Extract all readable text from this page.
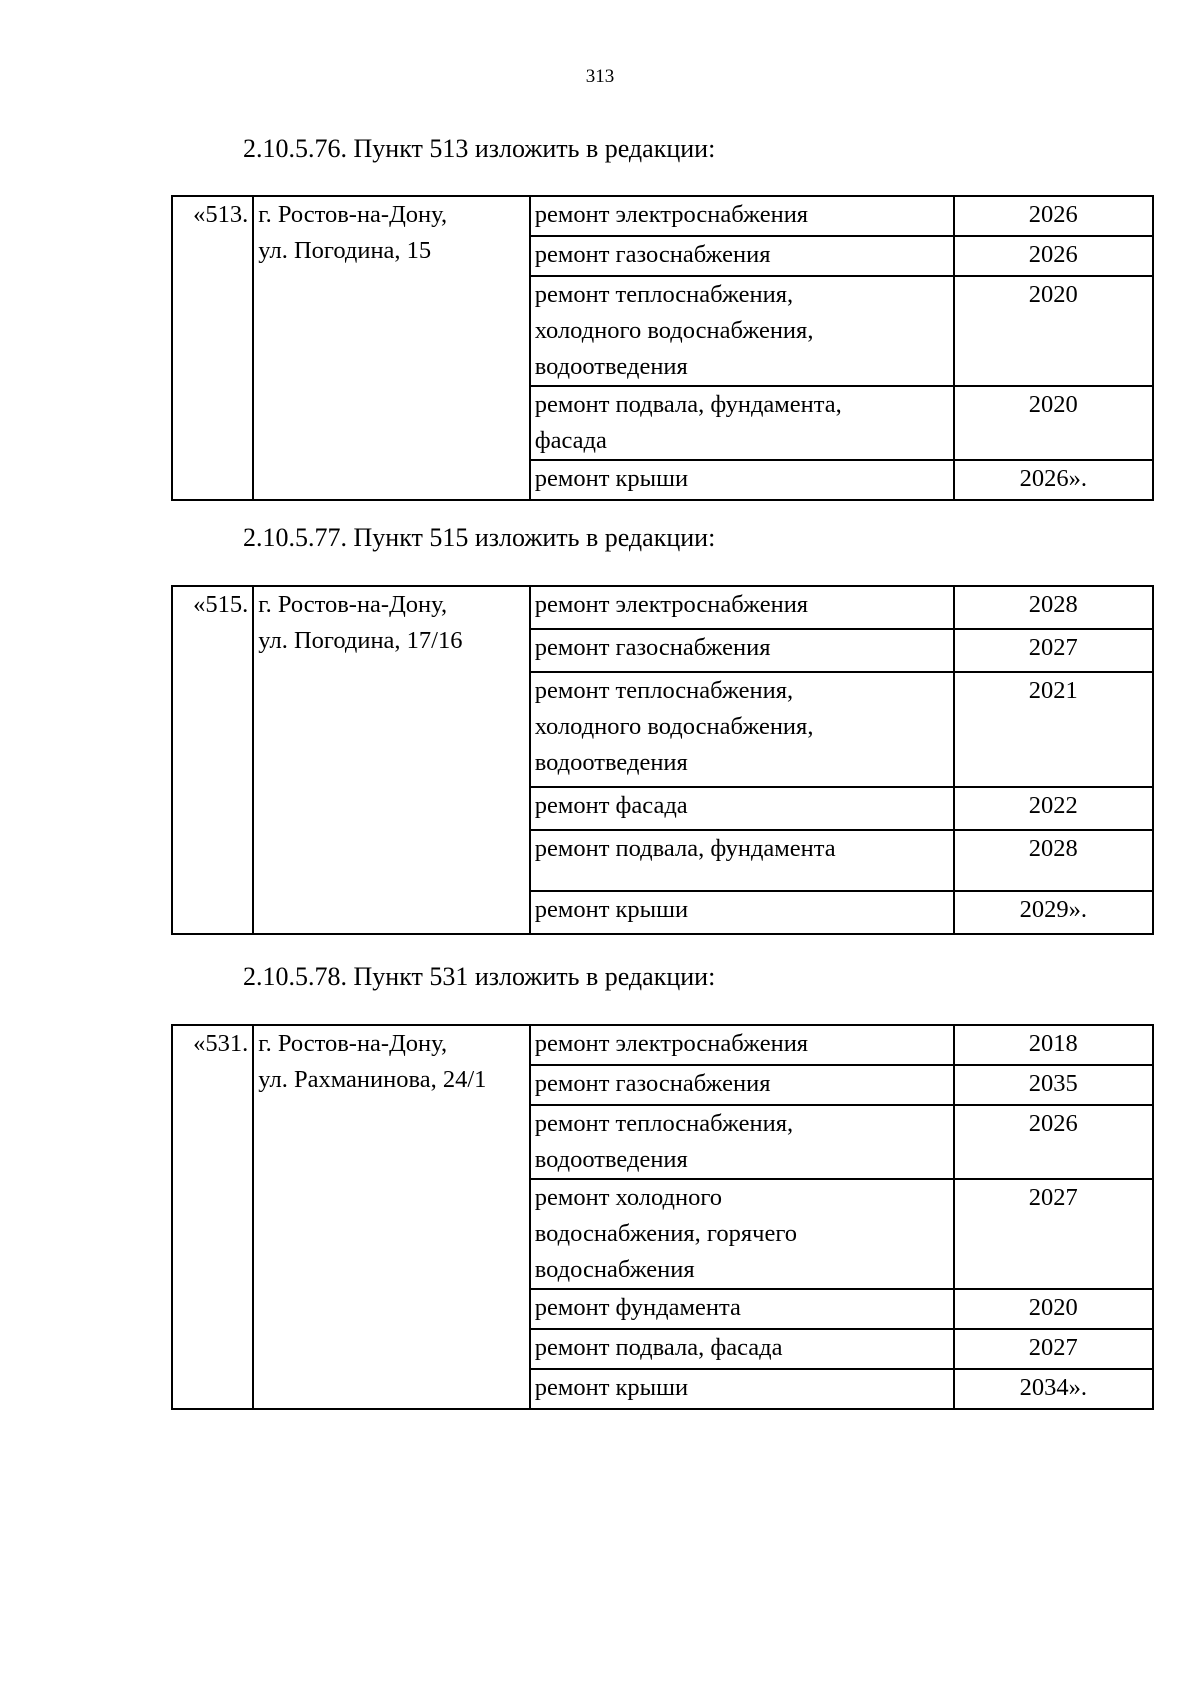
313
2.10.5.76. Пункт 513 изложить в редакции:
«513.	г. Ростов-на-Дону,
ул. Погодина, 15	ремонт электроснабжения	2026
		ремонт газоснабжения	2026
		ремонт теплоснабжения,
холодного водоснабжения,
водоотведения	2020
		ремонт подвала, фундамента,
фасада	2020
		ремонт крыши	2026».
2.10.5.77. Пункт 515 изложить в редакции:
«515.	г. Ростов-на-Дону,
ул. Погодина, 17/16	ремонт электроснабжения	2028
		ремонт газоснабжения	2027
		ремонт теплоснабжения,
холодного водоснабжения,
водоотведения	2021
		ремонт фасада	2022
		ремонт подвала, фундамента	2028
		ремонт крыши	2029».
2.10.5.78. Пункт 531 изложить в редакции:
«531.	г. Ростов-на-Дону,
ул. Рахманинова, 24/1	ремонт электроснабжения	2018
		ремонт газоснабжения	2035
		ремонт теплоснабжения,
водоотведения	2026
		ремонт холодного
водоснабжения, горячего
водоснабжения	2027
		ремонт фундамента	2020
		ремонт подвала, фасада	2027
		ремонт крыши	2034».
